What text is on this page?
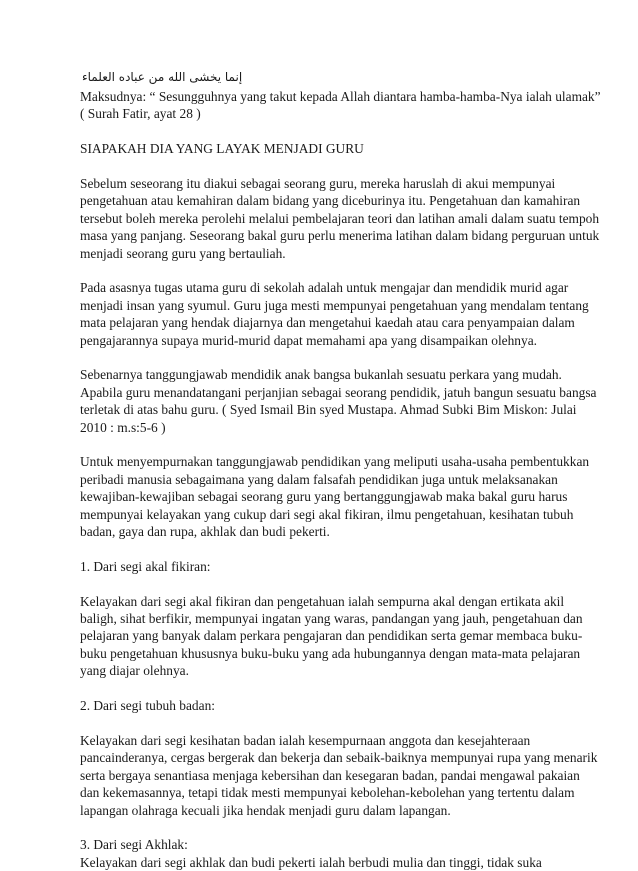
إنما يخشى الله من عباده العلماء
Maksudnya: “ Sesungguhnya yang takut kepada Allah diantara hamba-hamba-Nya ialah ulamak”
( Surah Fatir, ayat 28 )
SIAPAKAH DIA YANG LAYAK MENJADI GURU
Sebelum seseorang itu diakui sebagai seorang guru, mereka haruslah di akui mempunyai
pengetahuan atau kemahiran dalam bidang yang diceburinya itu. Pengetahuan dan kamahiran
tersebut boleh mereka perolehi melalui pembelajaran teori dan latihan amali dalam suatu tempoh
masa yang panjang. Seseorang bakal guru perlu menerima latihan dalam bidang perguruan untuk
menjadi seorang guru yang bertauliah.
Pada asasnya tugas utama guru di sekolah adalah untuk mengajar dan mendidik murid agar
menjadi insan yang syumul. Guru juga mesti mempunyai pengetahuan yang mendalam tentang
mata pelajaran yang hendak diajarnya dan mengetahui kaedah atau cara penyampaian dalam
pengajarannya supaya murid-murid dapat memahami apa yang disampaikan olehnya.
Sebenarnya tanggungjawab mendidik anak bangsa bukanlah sesuatu perkara yang mudah.
Apabila guru menandatangani perjanjian sebagai seorang pendidik, jatuh bangun sesuatu bangsa
terletak di atas bahu guru. ( Syed Ismail Bin syed Mustapa. Ahmad Subki Bim Miskon: Julai
2010 : m.s:5-6 )
Untuk menyempurnakan tanggungjawab pendidikan yang meliputi usaha-usaha pembentukkan
peribadi manusia sebagaimana yang dalam falsafah pendidikan juga untuk melaksanakan
kewajiban-kewajiban sebagai seorang guru yang bertanggungjawab maka bakal guru harus
mempunyai kelayakan yang cukup dari segi akal fikiran, ilmu pengetahuan, kesihatan tubuh
badan, gaya dan rupa, akhlak dan budi pekerti.
1. Dari segi akal fikiran:
Kelayakan dari segi akal fikiran dan pengetahuan ialah sempurna akal dengan ertikata akil
baligh, sihat berfikir, mempunyai ingatan yang waras, pandangan yang jauh, pengetahuan dan
pelajaran yang banyak dalam perkara pengajaran dan pendidikan serta gemar membaca buku-
buku pengetahuan khususnya buku-buku yang ada hubungannya dengan mata-mata pelajaran
yang diajar olehnya.
2. Dari segi tubuh badan:
Kelayakan dari segi kesihatan badan ialah kesempurnaan anggota dan kesejahteraan
pancainderanya, cergas bergerak dan bekerja dan sebaik-baiknya mempunyai rupa yang menarik
serta bergaya senantiasa menjaga kebersihan dan kesegaran badan, pandai mengawal pakaian
dan kekemasannya, tetapi tidak mesti mempunyai kebolehan-kebolehan yang tertentu dalam
lapangan olahraga kecuali jika hendak menjadi guru dalam lapangan.
3. Dari segi Akhlak:
Kelayakan dari segi akhlak dan budi pekerti ialah berbudi mulia dan tinggi, tidak suka
